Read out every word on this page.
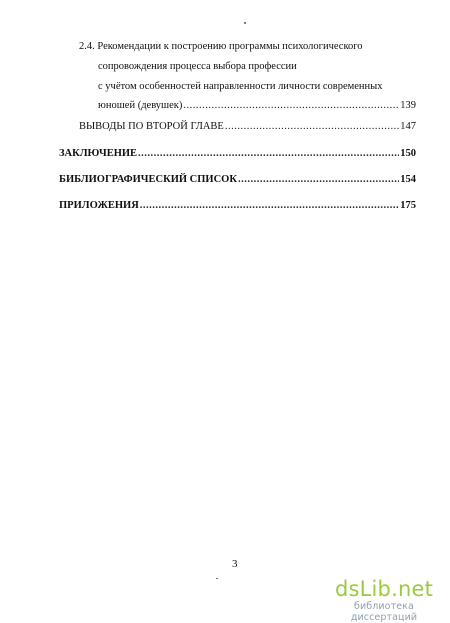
2.4. Рекомендации к построению программы психологического
сопровождения процесса выбора профессии
с учётом особенностей направленности личности современных
юношей (девушек) .....	139
ВЫВОДЫ ПО ВТОРОЙ ГЛАВЕ .....	147
ЗАКЛЮЧЕНИЕ .....	150
БИБЛИОГРАФИЧЕСКИЙ СПИСОК .....	154
ПРИЛОЖЕНИЯ .....	175
3
dsLib.net
библиотека диссертаций
